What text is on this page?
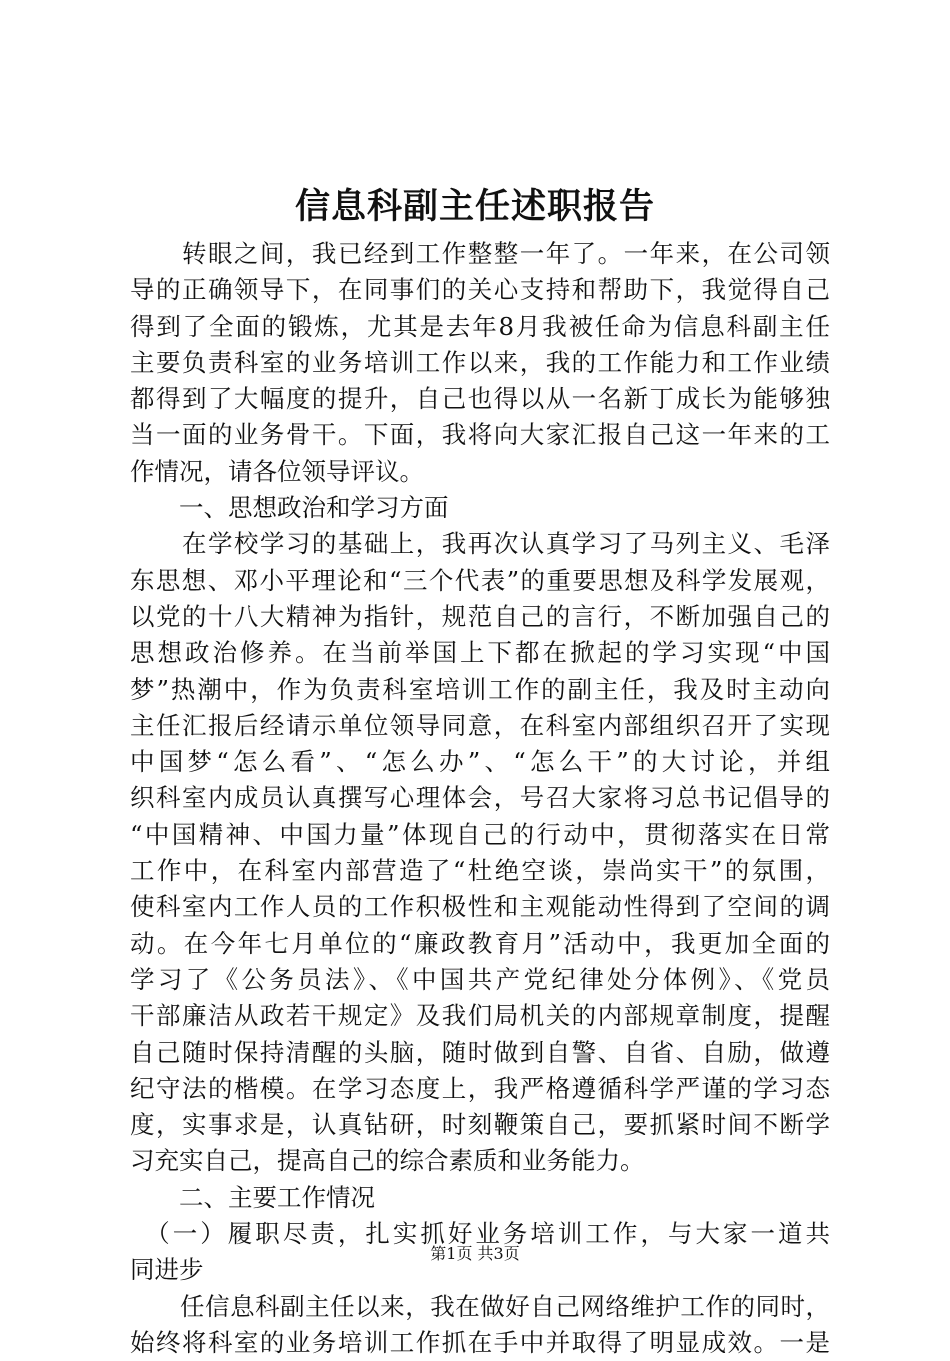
信息科副主任述职报告
　　转眼之间，我已经到工作整整一年了。一年来，在公司领
导的正确领导下，在同事们的关心支持和帮助下，我觉得自己
得到了全面的锻炼，尤其是去年8月我被任命为信息科副主任
主要负责科室的业务培训工作以来，我的工作能力和工作业绩
都得到了大幅度的提升，自己也得以从一名新丁成长为能够独
当一面的业务骨干。下面，我将向大家汇报自己这一年来的工
作情况，请各位领导评议。
　　一、思想政治和学习方面
　　在学校学习的基础上，我再次认真学习了马列主义、毛泽
东思想、邓小平理论和“三个代表”的重要思想及科学发展观，
以党的十八大精神为指针，规范自己的言行，不断加强自己的
思想政治修养。在当前举国上下都在掀起的学习实现“中国
梦”热潮中，作为负责科室培训工作的副主任，我及时主动向
主任汇报后经请示单位领导同意，在科室内部组织召开了实现
中国梦“怎么看”、“怎么办”、“怎么干”的大讨论，并组
织科室内成员认真撰写心理体会，号召大家将习总书记倡导的
“中国精神、中国力量”体现自己的行动中，贯彻落实在日常
工作中，在科室内部营造了“杜绝空谈，崇尚实干”的氛围，
使科室内工作人员的工作积极性和主观能动性得到了空间的调
动。在今年七月单位的“廉政教育月”活动中，我更加全面的
学习了《公务员法》、《中国共产党纪律处分体例》、《党员
干部廉洁从政若干规定》及我们局机关的内部规章制度，提醒
自己随时保持清醒的头脑，随时做到自警、自省、自励，做遵
纪守法的楷模。在学习态度上，我严格遵循科学严谨的学习态
度，实事求是，认真钻研，时刻鞭策自己，要抓紧时间不断学
习充实自己，提高自己的综合素质和业务能力。
　　二、主要工作情况
　（一）履职尽责，扎实抓好业务培训工作，与大家一道共
同进步
　　任信息科副主任以来，我在做好自己网络维护工作的同时，
始终将科室的业务培训工作抓在手中并取得了明显成效。一是
第1页 共3页
